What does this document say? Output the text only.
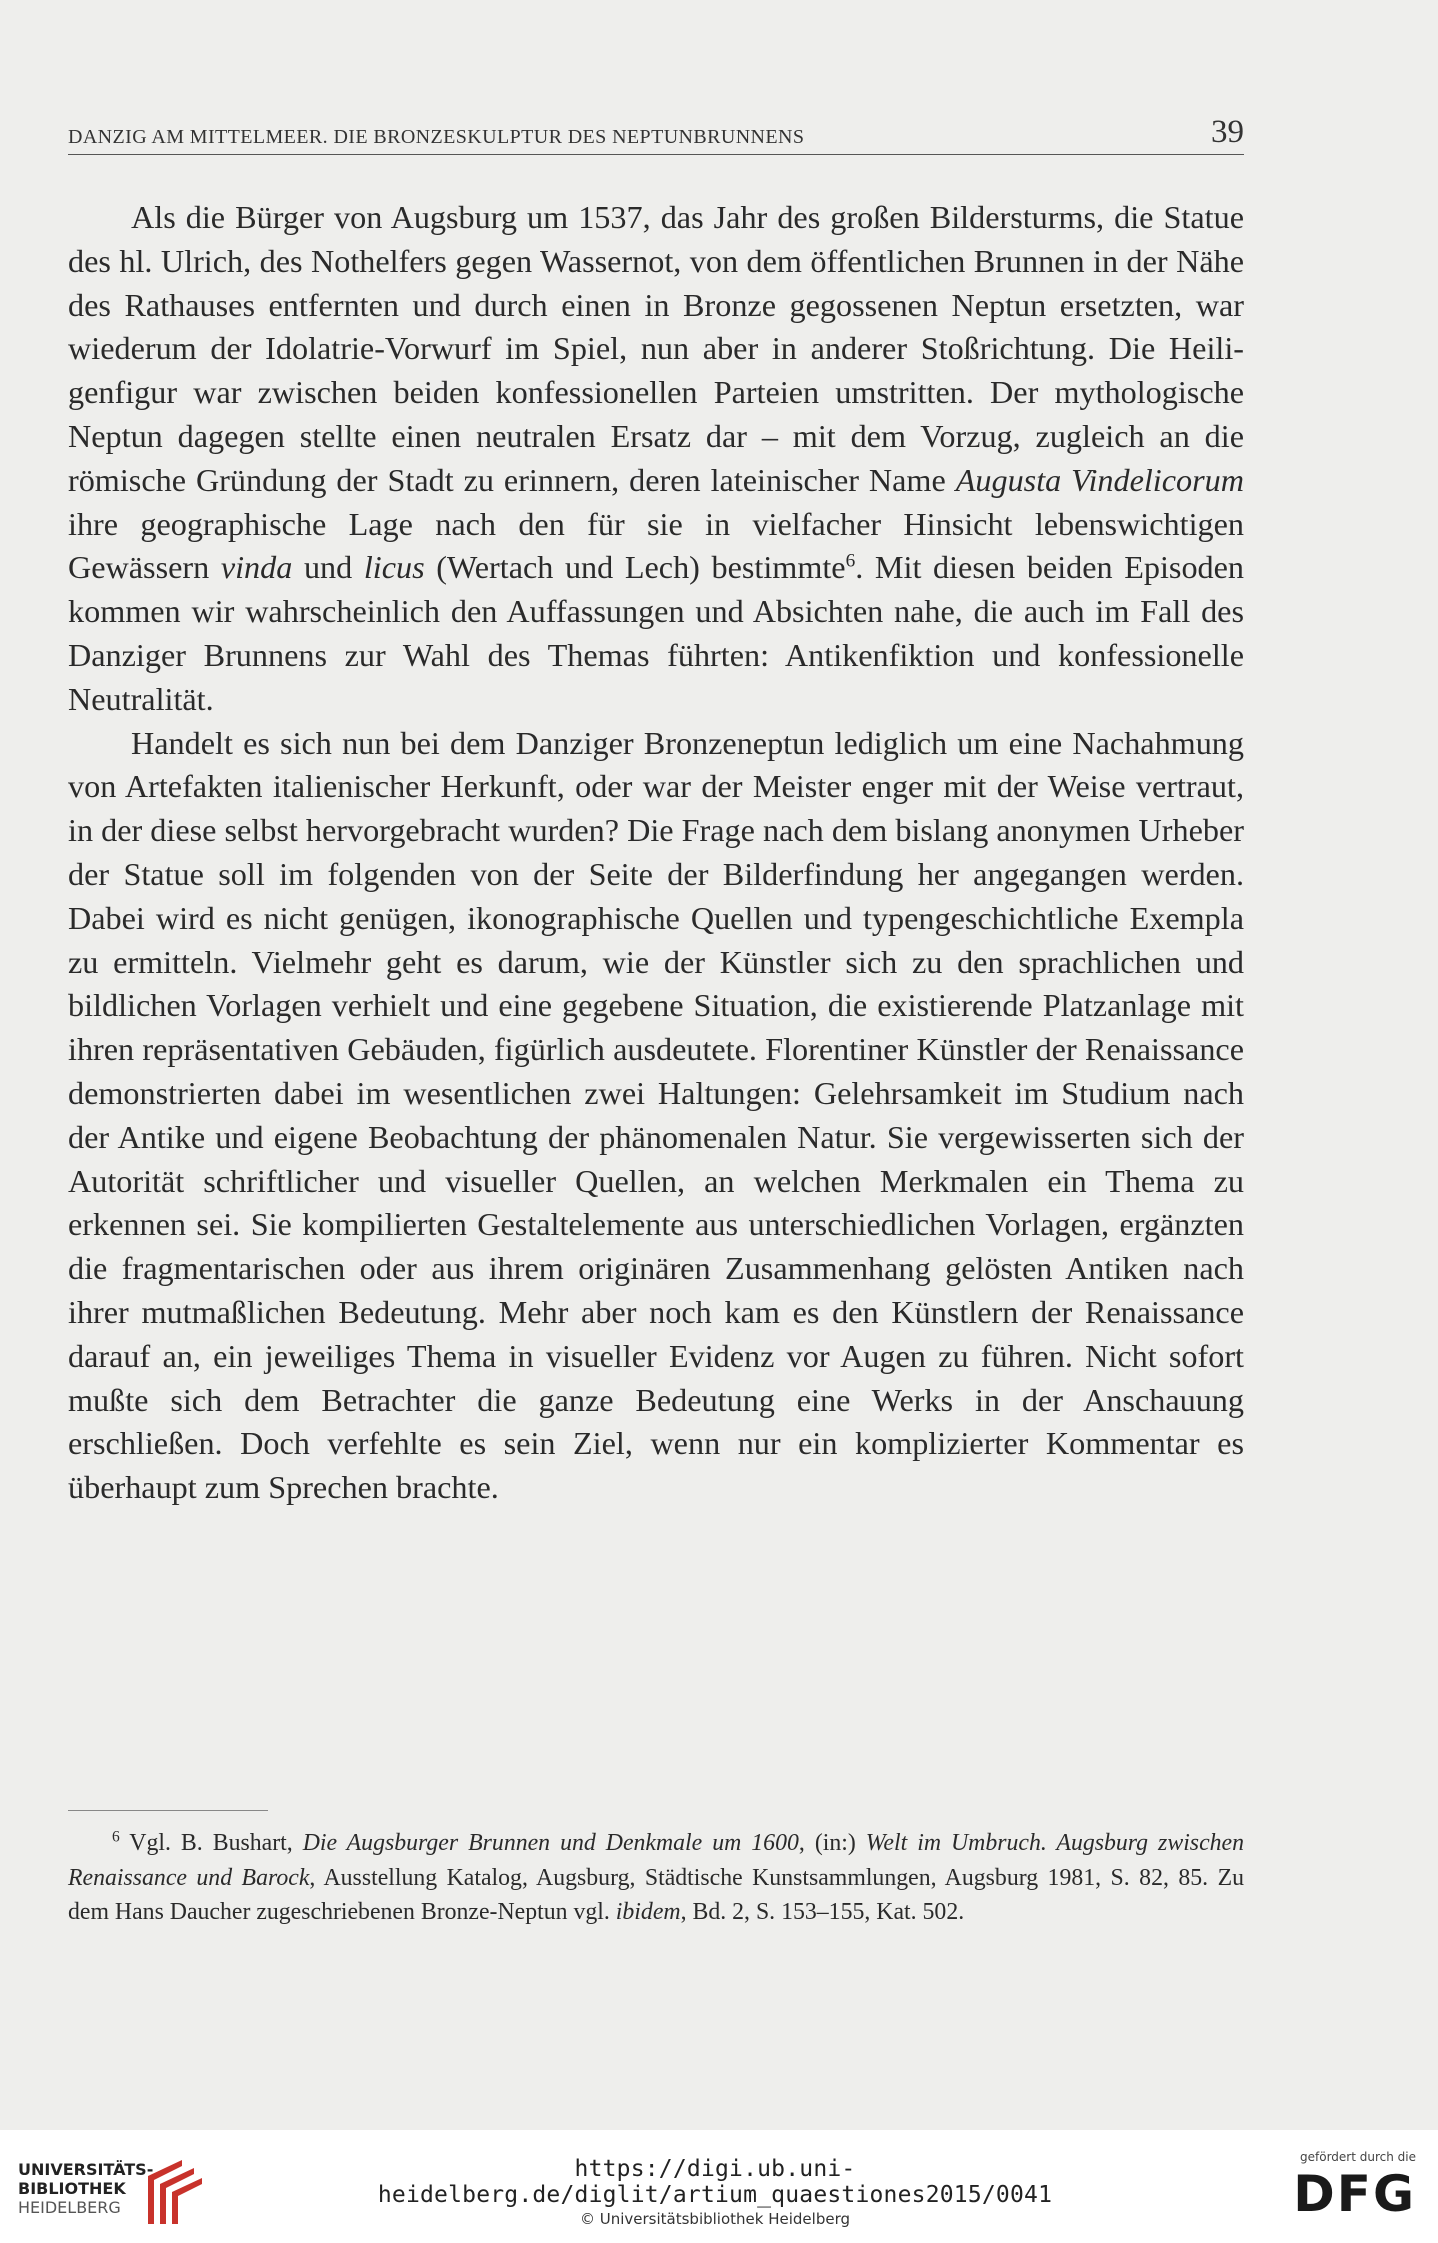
DANZIG AM MITTELMEER. DIE BRONZESKULPTUR DES NEPTUNBRUNNENS	39

Als die Bürger von Augsburg um 1537, das Jahr des großen Bildersturms, die Statue des hl. Ulrich, des Nothelfers gegen Wassernot, von dem öffentlichen Brunnen in der Nähe des Rathauses entfernten und durch einen in Bronze gegossenen Neptun ersetzten, war wiederum der Idolatrie-Vorwurf im Spiel, nun aber in anderer Stoßrichtung. Die Heiligenfigur war zwischen beiden konfessionellen Parteien umstritten. Der mythologische Neptun dagegen stellte einen neutralen Ersatz dar – mit dem Vorzug, zugleich an die römische Gründung der Stadt zu erinnern, deren lateinischer Name Augusta Vindelicorum ihre geographische Lage nach den für sie in vielfacher Hinsicht lebenswichtigen Gewässern vinda und licus (Wertach und Lech) bestimmte$^6$. Mit diesen beiden Episoden kommen wir wahrscheinlich den Auffassungen und Absichten nahe, die auch im Fall des Danziger Brunnens zur Wahl des Themas führten: Antikenfiktion und konfessionelle Neutralität.

Handelt es sich nun bei dem Danziger Bronzeneptun lediglich um eine Nachahmung von Artefakten italienischer Herkunft, oder war der Meister enger mit der Weise vertraut, in der diese selbst hervorgebracht wurden? Die Frage nach dem bislang anonymen Urheber der Statue soll im folgenden von der Seite der Bilderfindung her angegangen werden. Dabei wird es nicht genügen, ikonographische Quellen und typengeschichtliche Exempla zu ermitteln. Vielmehr geht es darum, wie der Künstler sich zu den sprachlichen und bildlichen Vorlagen verhielt und eine gegebene Situation, die existierende Platzanlage mit ihren repräsentativen Gebäuden, figürlich ausdeutete. Florentiner Künstler der Renaissance demonstrierten dabei im wesentlichen zwei Haltungen: Gelehrsamkeit im Studium nach der Antike und eigene Beobachtung der phänomenalen Natur. Sie vergewisserten sich der Autorität schriftlicher und visueller Quellen, an welchen Merkmalen ein Thema zu erkennen sei. Sie kompilierten Gestaltelemente aus unterschiedlichen Vorlagen, ergänzten die fragmentarischen oder aus ihrem originären Zusammenhang gelösten Antiken nach ihrer mutmaßlichen Bedeutung. Mehr aber noch kam es den Künstlern der Renaissance darauf an, ein jeweiliges Thema in visueller Evidenz vor Augen zu führen. Nicht sofort mußte sich dem Betrachter die ganze Bedeutung eine Werks in der Anschauung erschließen. Doch verfehlte es sein Ziel, wenn nur ein komplizierter Kommentar es überhaupt zum Sprechen brachte.

$^6$ Vgl. B. Bushart, Die Augsburger Brunnen und Denkmale um 1600, (in:) Welt im Umbruch. Augsburg zwischen Renaissance und Barock, Ausstellung Katalog, Augsburg, Städtische Kunstsammlungen, Augsburg 1981, S. 82, 85. Zu dem Hans Daucher zugeschriebenen Bronze-Neptun vgl. ibidem, Bd. 2, S. 153–155, Kat. 502.

UNIVERSITÄTS-
BIBLIOTHEK
HEIDELBERG
https://digi.ub.uni-heidelberg.de/diglit/artium_quaestiones2015/0041
© Universitätsbibliothek Heidelberg
gefördert durch die
DFG
